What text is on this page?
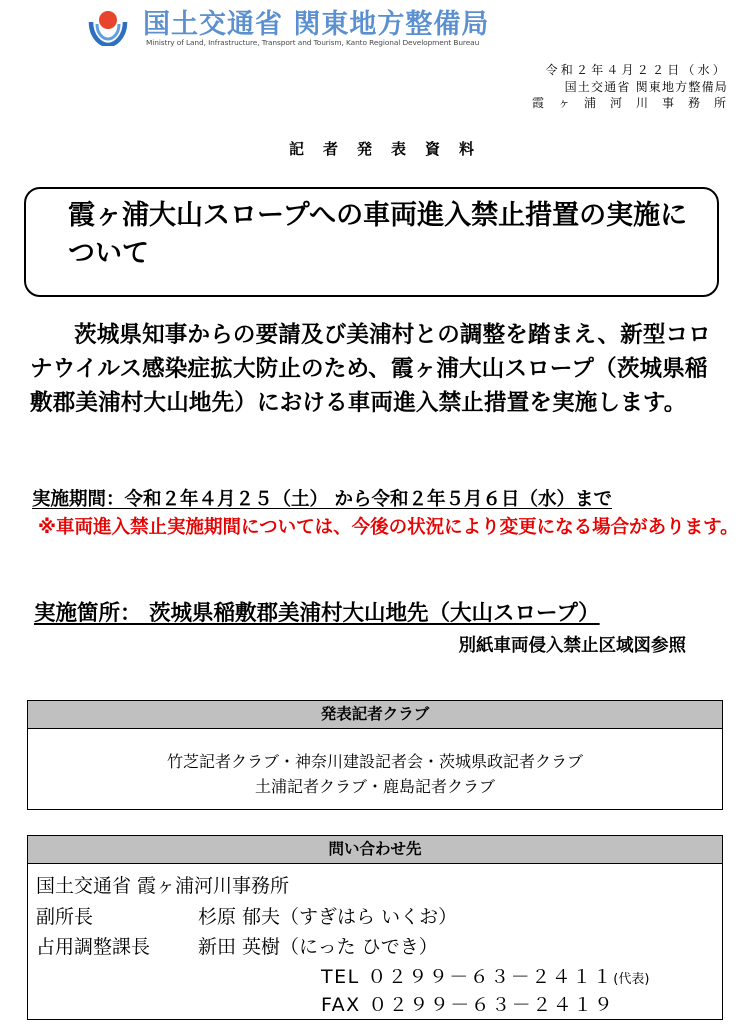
国土交通省 関東地方整備局
Ministry of Land, Infrastructure, Transport and Tourism, Kanto Regional Development Bureau
令和２年４月２２日（水）
国土交通省 関東地方整備局
霞ヶ浦河川事務所
記者発表資料
霞ヶ浦大山スロープへの車両進入禁止措置の実施について
茨城県知事からの要請及び美浦村との調整を踏まえ、新型コロナウイルス感染症拡大防止のため、霞ヶ浦大山スロープ（茨城県稲敷郡美浦村大山地先）における車両進入禁止措置を実施します。
実施期間：令和２年４月２５（土） から令和２年５月６日（水）まで
※車両進入禁止実施期間については、今後の状況により変更になる場合があります。
実施箇所： 茨城県稲敷郡美浦村大山地先（大山スロープ）
別紙車両侵入禁止区域図参照
発表記者クラブ
竹芝記者クラブ・神奈川建設記者会・茨城県政記者クラブ
土浦記者クラブ・鹿島記者クラブ
問い合わせ先
国土交通省 霞ヶ浦河川事務所
副所長	杉原 郁夫（すぎはら いくお）
占用調整課長	新田 英樹（にった ひでき）
TEL ０２９９－６３－２４１１(代表)
FAX ０２９９－６３－２４１９
